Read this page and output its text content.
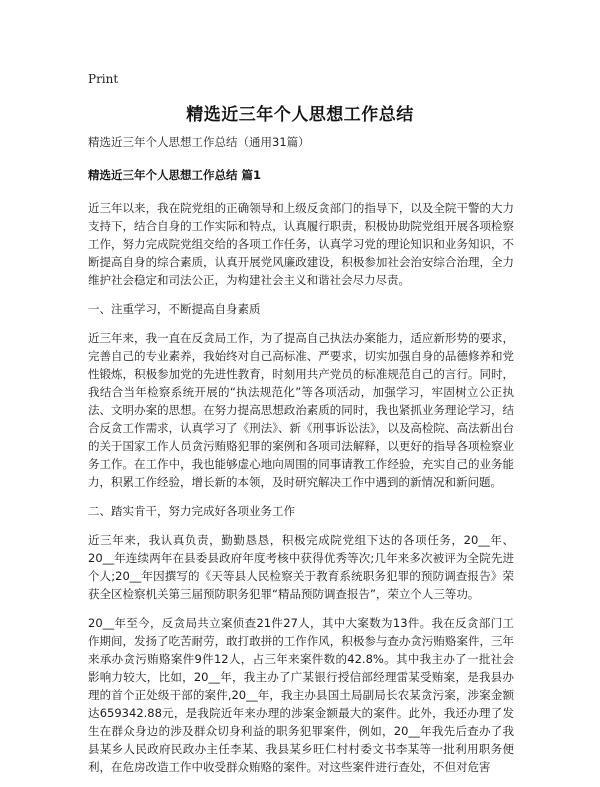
Print
精选近三年个人思想工作总结

精选近三年个人思想工作总结（通用31篇）

精选近三年个人思想工作总结 篇1

近三年以来，我在院党组的正确领导和上级反贪部门的指导下，以及全院干警的大力支持下，结合自身的工作实际和特点，认真履行职责，积极协助院党组开展各项检察工作，努力完成院党组交给的各项工作任务，认真学习党的理论知识和业务知识，不断提高自身的综合素质，认真开展党风廉政建设，积极参加社会治安综合治理，全力维护社会稳定和司法公正，为构建社会主义和谐社会尽力尽责。

一、注重学习，不断提高自身素质

近三年来，我一直在反贪局工作，为了提高自己执法办案能力，适应新形势的要求，完善自己的专业素养，我始终对自己高标准、严要求，切实加强自身的品德修养和党性锻炼，积极参加党的先进性教育，时刻用共产党员的标准规范自己的言行。同时，我结合当年检察系统开展的“执法规范化”等各项活动，加强学习，牢固树立公正执法、文明办案的思想。在努力提高思想政治素质的同时，我也紧抓业务理论学习，结合反贪工作需求，认真学习了《刑法》、新《刑事诉讼法》，以及高检院、高法新出台的关于国家工作人员贪污贿赂犯罪的案例和各项司法解释，以更好的指导各项检察业务工作。在工作中，我也能够虚心地向周围的同事请教工作经验，充实自己的业务能力，积累工作经验，增长新的本领，及时研究解决工作中遇到的新情况和新问题。

二、踏实肯干，努力完成好各项业务工作

近三年来，我认真负责，勤勤恳恳，积极完成院党组下达的各项任务，20__年、20__年连续两年在县委县政府年度考核中获得优秀等次;几年来多次被评为全院先进个人;20__年因撰写的《天等县人民检察关于教育系统职务犯罪的预防调查报告》荣获全区检察机关第三届预防职务犯罪“精品预防调查报告”，荣立个人三等功。

20__年至今，反贪局共立案侦查21件27人，其中大案数为13件。我在反贪部门工作期间，发扬了吃苦耐劳，敢打敢拼的工作作风，积极参与查办贪污贿赂案件，三年来承办贪污贿赂案件9件12人，占三年来案件数的42.8%。其中我主办了一批社会影响力较大，比如，20__年，我主办了广某银行授信部经理雷某受贿案，是我县办理的首个正处级干部的案件,20__年，我主办县国土局副局长农某贪污案，涉案金额达659342.88元，是我院近年来办理的涉案金额最大的案件。此外，我还办理了发生在群众身边的涉及群众切身利益的职务犯罪案件，例如，20__年我先后查办了我县某乡人民政府民政办主任李某、我县某乡旺仁村村委文书李某等一批利用职务便利，在危房改造工作中收受群众贿赂的案件。对这些案件进行查处，不但对危害
